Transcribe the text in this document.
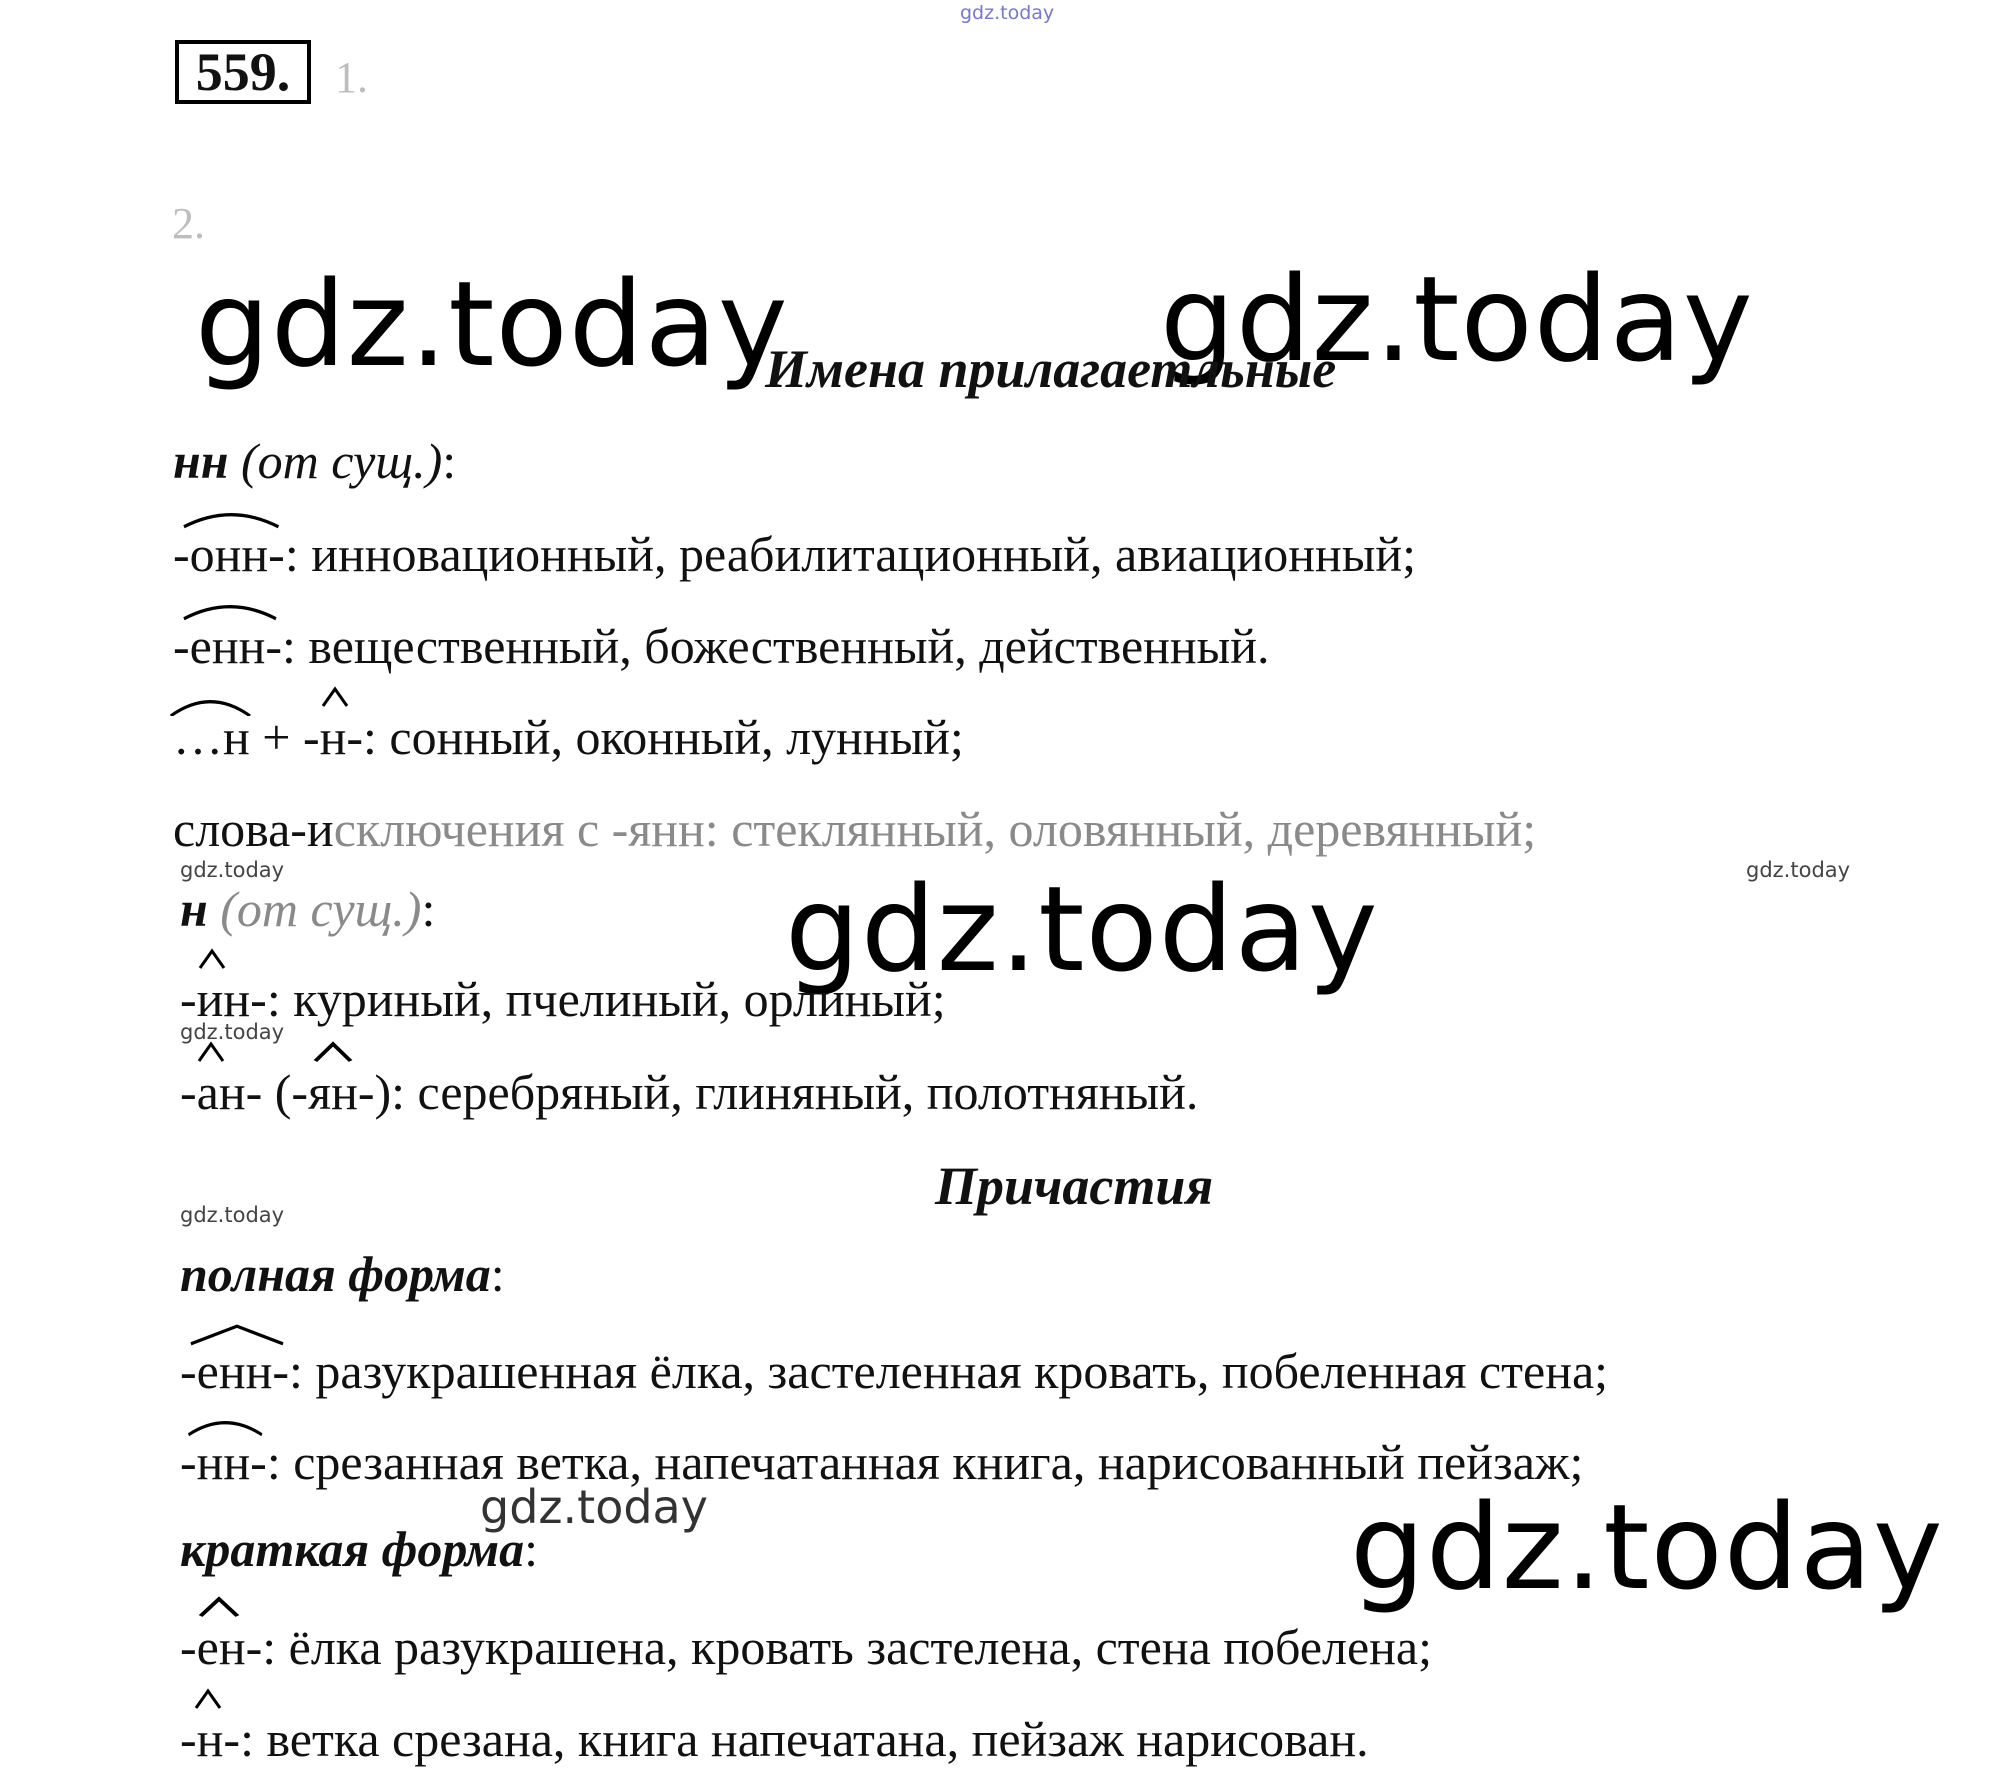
559.	1.
2.
gdz.today
gdz.today	gdz.today
gdz.today	gdz.today
gdz.today
gdz.today
gdz.today
gdz.today	gdz.today
Имена прилагаетльные
нн (от сущ.):
-онн-: инновационный, реабилитационный, авиационный;
-енн-: вещественный, божественный, действенный.
…н +
-н-: сонный, оконный, лунный;
слова-исключения с -янн: стеклянный, оловянный, деревянный;
н (от сущ.):
-ин-: куриный, пчелиный, орлиный;
-ан- (
-ян-): серебряный, глиняный, полотняный.
Причастия
полная форма:
-енн-: разукрашенная ёлка, застеленная кровать, побеленная стена;
-нн-: срезанная ветка, напечатанная книга, нарисованный пейзаж;
краткая форма:
-ен-: ёлка разукрашена, кровать застелена, стена побелена;
-н-: ветка срезана, книга напечатана, пейзаж нарисован.
